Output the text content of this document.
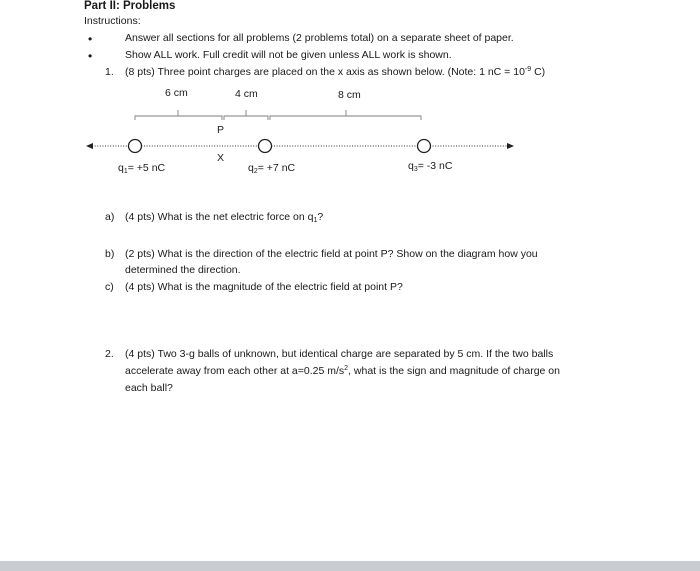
Part II: Problems
Instructions:
•	Answer all sections for all problems (2 problems total) on a separate sheet of paper.
•	Show ALL work. Full credit will not be given unless ALL work is shown.
1. (8 pts) Three point charges are placed on the x axis as shown below. (Note: 1 nC = $10^{-9}$ C)
6 cm	4 cm	8 cm
P
X
$q_1= +5$ nC	$q_2= +7$ nC	$q_3= -3$ nC
a) (4 pts) What is the net electric force on $q_1$?
b) (2 pts) What is the direction of the electric field at point P? Show on the diagram how you
determined the direction.
c) (4 pts) What is the magnitude of the electric field at point P?
2. (4 pts) Two 3-g balls of unknown, but identical charge are separated by 5 cm. If the two balls
accelerate away from each other at a=0.25 $m/s^2$, what is the sign and magnitude of charge on
each ball?
